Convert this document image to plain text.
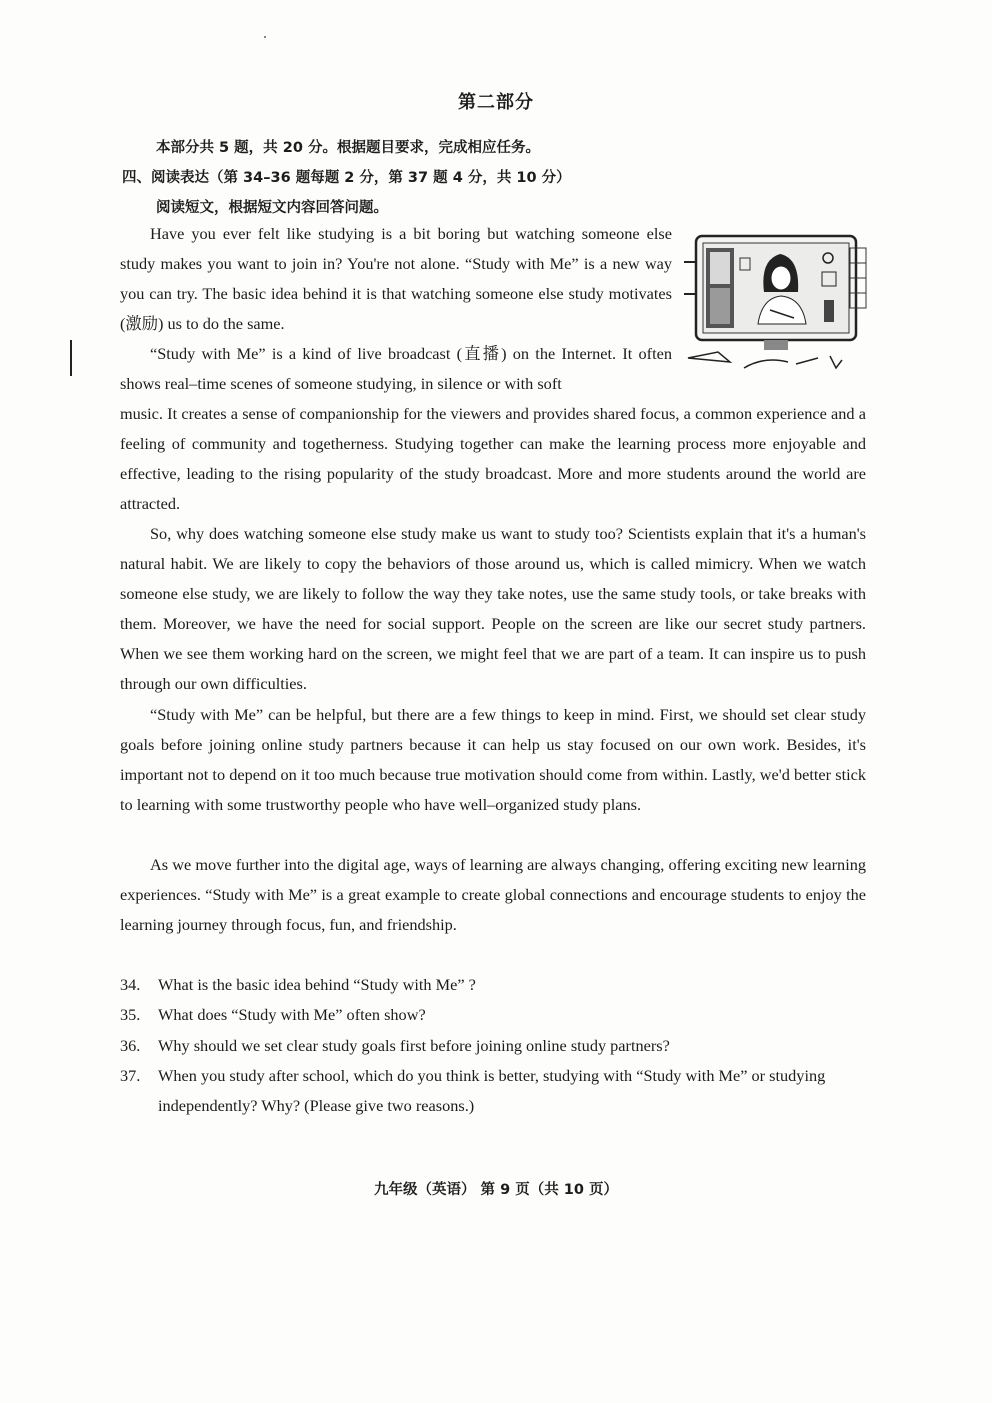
第二部分
本部分共 5 题，共 20 分。根据题目要求，完成相应任务。
四、阅读表达（第 34–36 题每题 2 分，第 37 题 4 分，共 10 分）
阅读短文，根据短文内容回答问题。

Have you ever felt like studying is a bit boring but watching someone else study makes you want to join in? You're not alone. “Study with Me” is a new way you can try. The basic idea behind it is that watching someone else study motivates (激励) us to do the same.

“Study with Me” is a kind of live broadcast (直播) on the Internet. It often shows real–time scenes of someone studying, in silence or with soft

music. It creates a sense of companionship for the viewers and provides shared focus, a common experience and a feeling of community and togetherness. Studying together can make the learning process more enjoyable and effective, leading to the rising popularity of the study broadcast. More and more students around the world are attracted.

So, why does watching someone else study make us want to study too? Scientists explain that it's a human's natural habit. We are likely to copy the behaviors of those around us, which is called mimicry. When we watch someone else study, we are likely to follow the way they take notes, use the same study tools, or take breaks with them. Moreover, we have the need for social support. People on the screen are like our secret study partners. When we see them working hard on the screen, we might feel that we are part of a team. It can inspire us to push through our own difficulties.

“Study with Me” can be helpful, but there are a few things to keep in mind. First, we should set clear study goals before joining online study partners because it can help us stay focused on our own work. Besides, it's important not to depend on it too much because true motivation should come from within. Lastly, we'd better stick to learning with some trustworthy people who have well–organized study plans.

As we move further into the digital age, ways of learning are always changing, offering exciting new learning experiences. “Study with Me” is a great example to create global connections and encourage students to enjoy the learning journey through focus, fun, and friendship.

34. What is the basic idea behind “Study with Me” ?
35. What does “Study with Me” often show?
36. Why should we set clear study goals first before joining online study partners?
37.	When you study after school, which do you think is better, studying with “Study with Me” or studying independently? Why? (Please give two reasons.)
九年级（英语） 第 9 页（共 10 页）
